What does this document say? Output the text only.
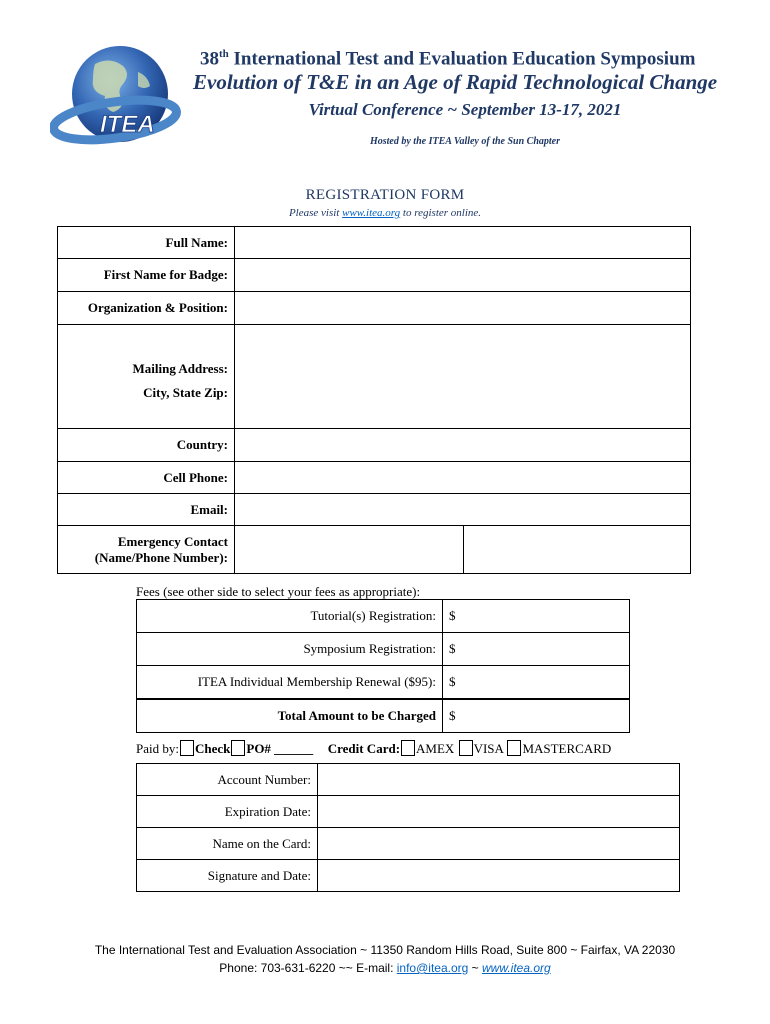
ITEA
38th International Test and Evaluation Education Symposium
Evolution of T&E in an Age of Rapid Technological Change
Virtual Conference ~ September 13-17, 2021
Hosted by the ITEA Valley of the Sun Chapter
REGISTRATION FORM
Please visit www.itea.org to register online.
Full Name:		
First Name for Badge:		
Organization & Position:		

Mailing Address:
City, State Zip:		

Country:		
Cell Phone:		
Email:		

Emergency Contact
(Name/Phone Number):		

Fees (see other side to select your fees as appropriate):
Tutorial(s) Registration:	$
Symposium Registration:	$
ITEA Individual Membership Renewal ($95):	$
Total Amount to be Charged	$
Paid by: Check PO# ______ Credit Card: AMEX VISA MASTERCARD
Account Number:	
Expiration Date:	
Name on the Card:	
Signature and Date:	
The International Test and Evaluation Association ~ 11350 Random Hills Road, Suite 800 ~ Fairfax, VA 22030
Phone: 703-631-6220 ~~ E-mail: info@itea.org ~ www.itea.org
